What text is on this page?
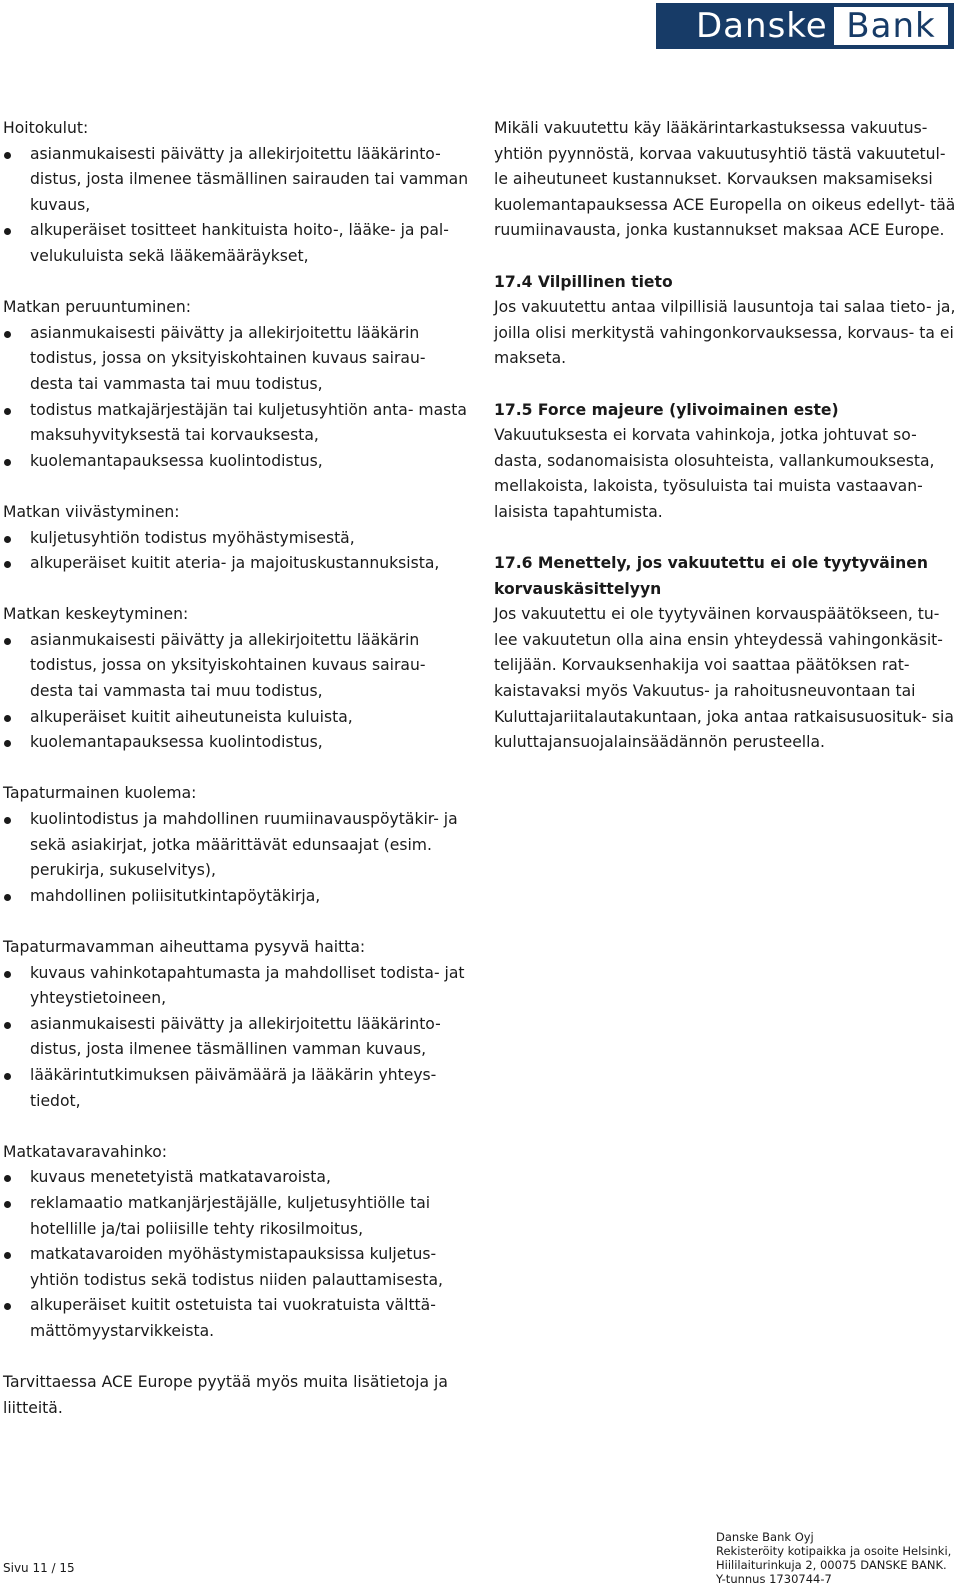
Danske Bank
Hoitokulut:
asianmukaisesti päivätty ja allekirjoitettu lääkärinto- distus, josta ilmenee täsmällinen sairauden tai vamman kuvaus,
alkuperäiset tositteet hankituista hoito-, lääke- ja pal- velukuluista sekä lääkemääräykset,
Matkan peruuntuminen:
asianmukaisesti päivätty ja allekirjoitettu lääkärin todistus, jossa on yksityiskohtainen kuvaus sairau- desta tai vammasta tai muu todistus,
todistus matkajärjestäjän tai kuljetusyhtiön anta- masta maksuhyvityksestä tai korvauksesta,
kuolemantapauksessa kuolintodistus,
Matkan viivästyminen:
kuljetusyhtiön todistus myöhästymisestä,
alkuperäiset kuitit ateria- ja majoituskustannuksista,
Matkan keskeytyminen:
asianmukaisesti päivätty ja allekirjoitettu lääkärin todistus, jossa on yksityiskohtainen kuvaus sairau- desta tai vammasta tai muu todistus,
alkuperäiset kuitit aiheutuneista kuluista,
kuolemantapauksessa kuolintodistus,
Tapaturmainen kuolema:
kuolintodistus ja mahdollinen ruumiinavauspöytäkir- ja sekä asiakirjat, jotka määrittävät edunsaajat (esim. perukirja, sukuselvitys),
mahdollinen poliisitutkintapöytäkirja,
Tapaturmavamman aiheuttama pysyvä haitta:
kuvaus vahinkotapahtumasta ja mahdolliset todista- jat yhteystietoineen,
asianmukaisesti päivätty ja allekirjoitettu lääkärinto- distus, josta ilmenee täsmällinen vamman kuvaus,
lääkärintutkimuksen päivämäärä ja lääkärin yhteys- tiedot,
Matkatavaravahinko:
kuvaus menetetyistä matkatavaroista,
reklamaatio matkanjärjestäjälle, kuljetusyhtiölle tai hotellille ja/tai poliisille tehty rikosilmoitus,
matkatavaroiden myöhästymistapauksissa kuljetus- yhtiön todistus sekä todistus niiden palauttamisesta,
alkuperäiset kuitit ostetuista tai vuokratuista välttä- mättömyystarvikkeista.
Tarvittaessa ACE Europe pyytää myös muita lisätietoja ja liitteitä.

Mikäli vakuutettu käy lääkärintarkastuksessa vakuutus- yhtiön pyynnöstä, korvaa vakuutusyhtiö tästä vakuutetul- le aiheutuneet kustannukset. Korvauksen maksamiseksi kuolemantapauksessa ACE Europella on oikeus edellyt- tää ruumiinavausta, jonka kustannukset maksaa ACE Europe.

17.4 Vilpillinen tieto
Jos vakuutettu antaa vilpillisiä lausuntoja tai salaa tieto- ja, joilla olisi merkitystä vahingonkorvauksessa, korvaus- ta ei makseta.
17.5 Force majeure (ylivoimainen este)
Vakuutuksesta ei korvata vahinkoja, jotka johtuvat so- dasta, sodanomaisista olosuhteista, vallankumouksesta, mellakoista, lakoista, työsuluista tai muista vastaavan- laisista tapahtumista.
17.6 Menettely, jos vakuutettu ei ole tyytyväinen korvauskäsittelyyn
Jos vakuutettu ei ole tyytyväinen korvauspäätökseen, tu- lee vakuutetun olla aina ensin yhteydessä vahingonkäsit- telijään. Korvauksenhakija voi saattaa päätöksen rat- kaistavaksi myös Vakuutus- ja rahoitusneuvontaan tai Kuluttajariitalautakuntaan, joka antaa ratkaisusuosituk- sia kuluttajansuojalainsäädännön perusteella.
Sivu 11 / 15
Danske Bank Oyj
Rekisteröity kotipaikka ja osoite Helsinki,
Hiililaiturinkuja 2, 00075 DANSKE BANK.
Y-tunnus 1730744-7
